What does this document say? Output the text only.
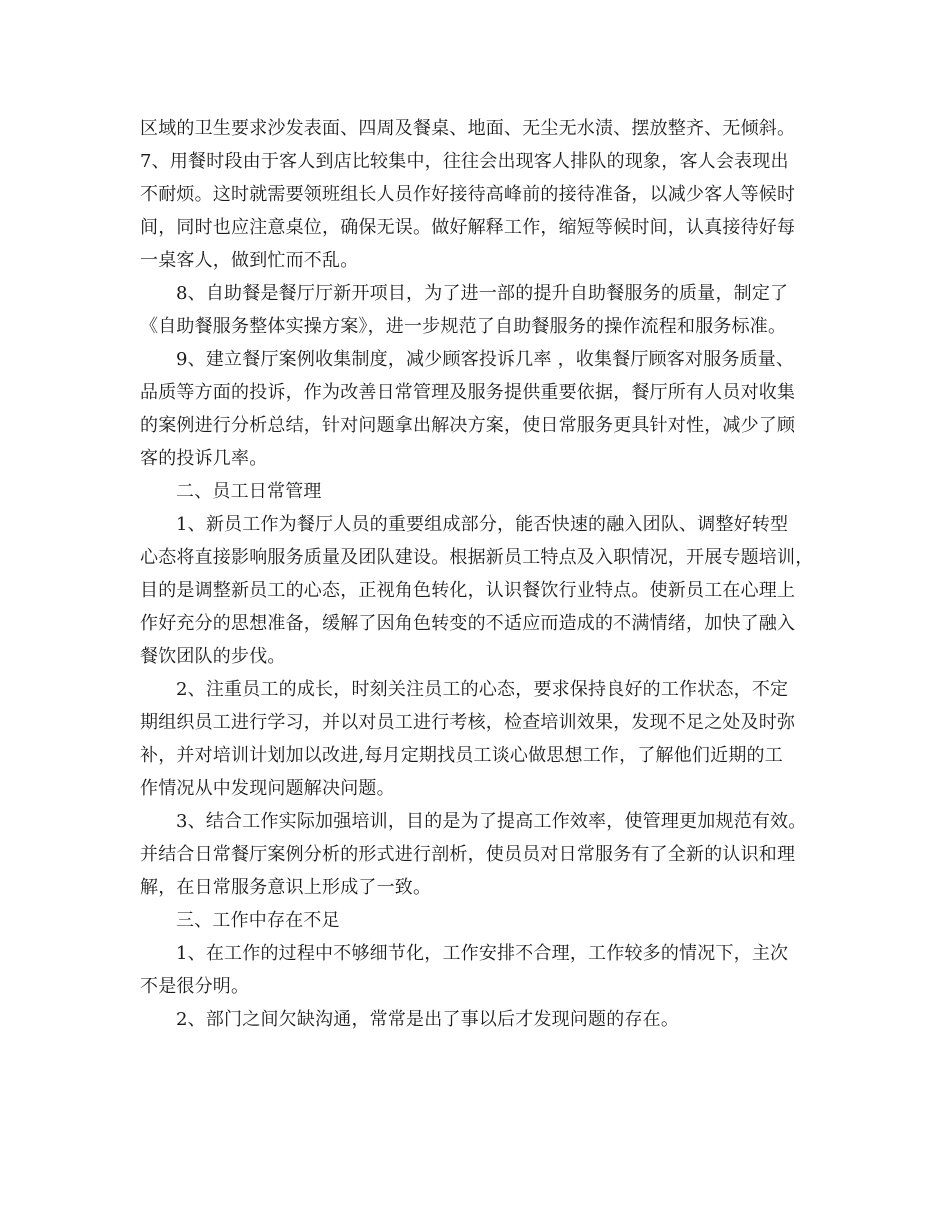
区域的卫生要求沙发表面、四周及餐桌、地面、无尘无水渍、摆放整齐、无倾斜。
7、用餐时段由于客人到店比较集中，往往会出现客人排队的现象，客人会表现出
不耐烦。这时就需要领班组长人员作好接待高峰前的接待准备，以减少客人等候时
间，同时也应注意桌位，确保无误。做好解释工作，缩短等候时间，认真接待好每
一桌客人，做到忙而不乱。
8、自助餐是餐厅厅新开项目，为了进一部的提升自助餐服务的质量，制定了
《自助餐服务整体实操方案》，进一步规范了自助餐服务的操作流程和服务标准。
9、建立餐厅案例收集制度，减少顾客投诉几率 ，收集餐厅顾客对服务质量、
品质等方面的投诉，作为改善日常管理及服务提供重要依据，餐厅所有人员对收集
的案例进行分析总结，针对问题拿出解决方案，使日常服务更具针对性，减少了顾
客的投诉几率。
二、员工日常管理
1、新员工作为餐厅人员的重要组成部分，能否快速的融入团队、调整好转型
心态将直接影响服务质量及团队建设。根据新员工特点及入职情况，开展专题培训，
目的是调整新员工的心态，正视角色转化，认识餐饮行业特点。使新员工在心理上
作好充分的思想准备，缓解了因角色转变的不适应而造成的不满情绪，加快了融入
餐饮团队的步伐。
2、注重员工的成长，时刻关注员工的心态，要求保持良好的工作状态，不定
期组织员工进行学习，并以对员工进行考核，检查培训效果，发现不足之处及时弥
补，并对培训计划加以改进,每月定期找员工谈心做思想工作，了解他们近期的工
作情况从中发现问题解决问题。
3、结合工作实际加强培训，目的是为了提高工作效率，使管理更加规范有效。
并结合日常餐厅案例分析的形式进行剖析，使员员对日常服务有了全新的认识和理
解，在日常服务意识上形成了一致。
三、工作中存在不足
1、在工作的过程中不够细节化，工作安排不合理，工作较多的情况下，主次
不是很分明。
2、部门之间欠缺沟通，常常是出了事以后才发现问题的存在。
